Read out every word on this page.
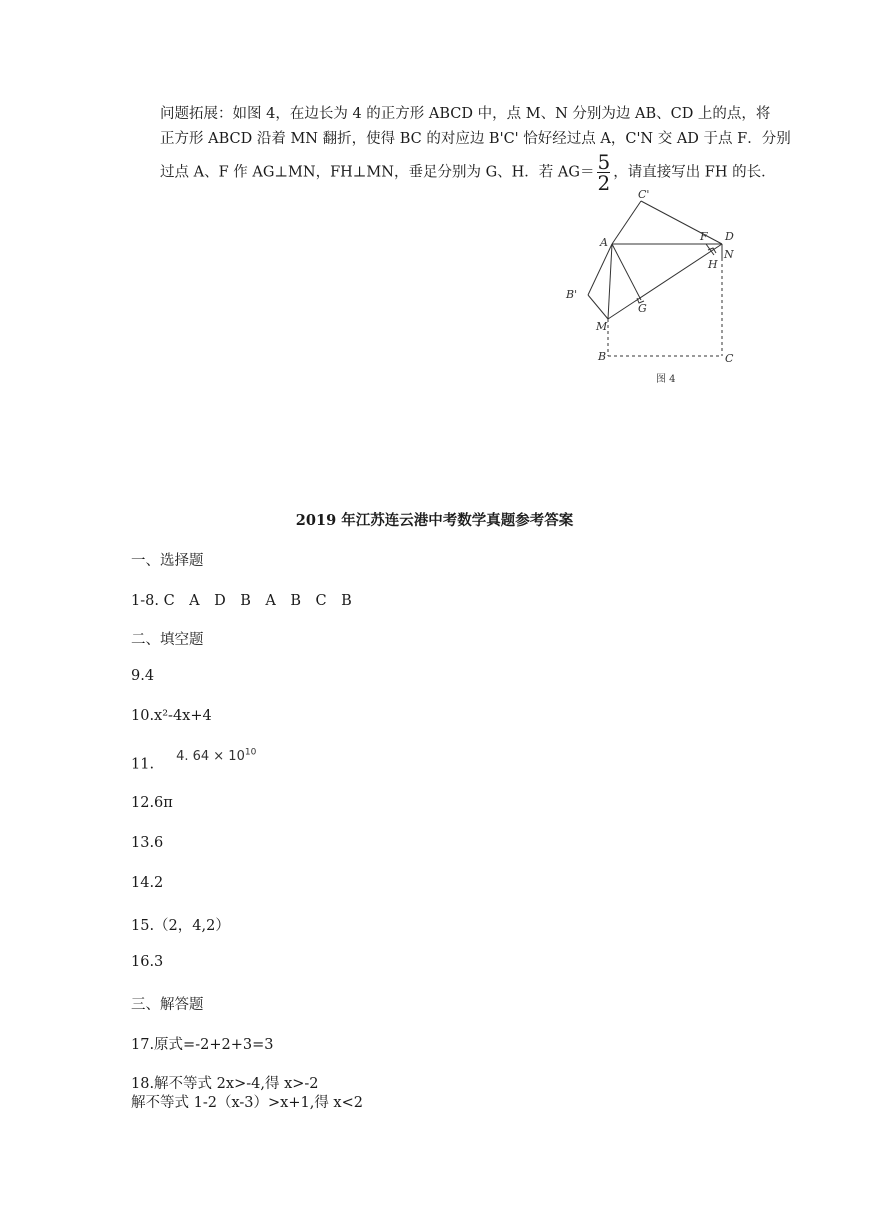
问题拓展：如图 4，在边长为 4 的正方形 ABCD 中，点 M、N 分别为边 AB、CD 上的点，将

正方形 ABCD 沿着 MN 翻折，使得 BC 的对应边 B'C' 恰好经过点 A，C'N 交 AD 于点 F．分别

过点 A、F 作 AG⊥MN，FH⊥MN，垂足分别为 G、H．若 $AG= \frac{5}{2}$ ，请直接写出 FH 的长．

C'
A	F D
N
H
B'
G
M
B	C
图 4
2019 年江苏连云港中考数学真题参考答案
一、选择题
1-8. C　A　D　B　A　B　C　B
二、填空题
9.4
10.x²-4x+4
11. 4. $64 \times 10^{10}$
12.6π
13.6
14.2
15.（2，4,2）
16.3
三、解答题
17.原式=-2+2+3=3
18.解不等式 2x>-4,得 x>-2
解不等式 1-2（x-3）>x+1,得 x<2
